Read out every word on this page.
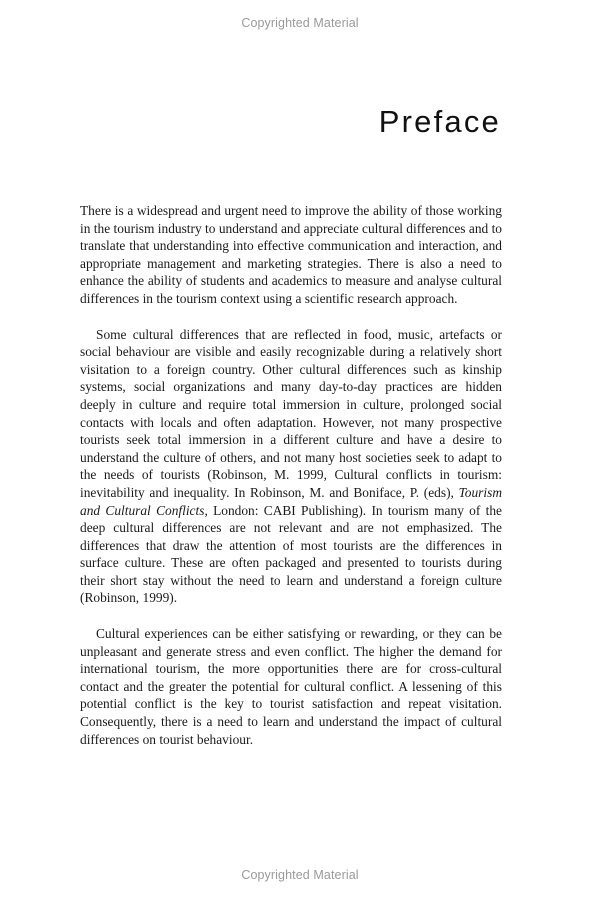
Copyrighted Material
Preface

There is a widespread and urgent need to improve the ability of those working in the tourism industry to understand and appreciate cultural differences and to translate that understanding into effective communication and interaction, and appropriate management and marketing strategies. There is also a need to enhance the ability of students and academics to measure and analyse cultural differences in the tourism context using a scientific research approach.

Some cultural differences that are reflected in food, music, artefacts or social behaviour are visible and easily recognizable during a relatively short visitation to a foreign country. Other cultural differences such as kinship systems, social organizations and many day-to-day practices are hidden deeply in culture and require total immersion in culture, prolonged social contacts with locals and often adaptation. However, not many prospective tourists seek total immersion in a different culture and have a desire to understand the culture of others, and not many host societies seek to adapt to the needs of tourists (Robinson, M. 1999, Cultural conflicts in tourism: inevitability and inequality. In Robinson, M. and Boniface, P. (eds), Tourism and Cultural Conflicts, London: CABI Publishing). In tourism many of the deep cultural differences are not relevant and are not emphasized. The differences that draw the attention of most tourists are the differences in surface culture. These are often packaged and presented to tourists during their short stay without the need to learn and understand a foreign culture (Robinson, 1999).

Cultural experiences can be either satisfying or rewarding, or they can be unpleasant and generate stress and even conflict. The higher the demand for international tourism, the more opportunities there are for cross-cultural contact and the greater the potential for cultural conflict. A lessening of this potential conflict is the key to tourist satisfaction and repeat visitation. Consequently, there is a need to learn and understand the impact of cultural differences on tourist behaviour.

Copyrighted Material
